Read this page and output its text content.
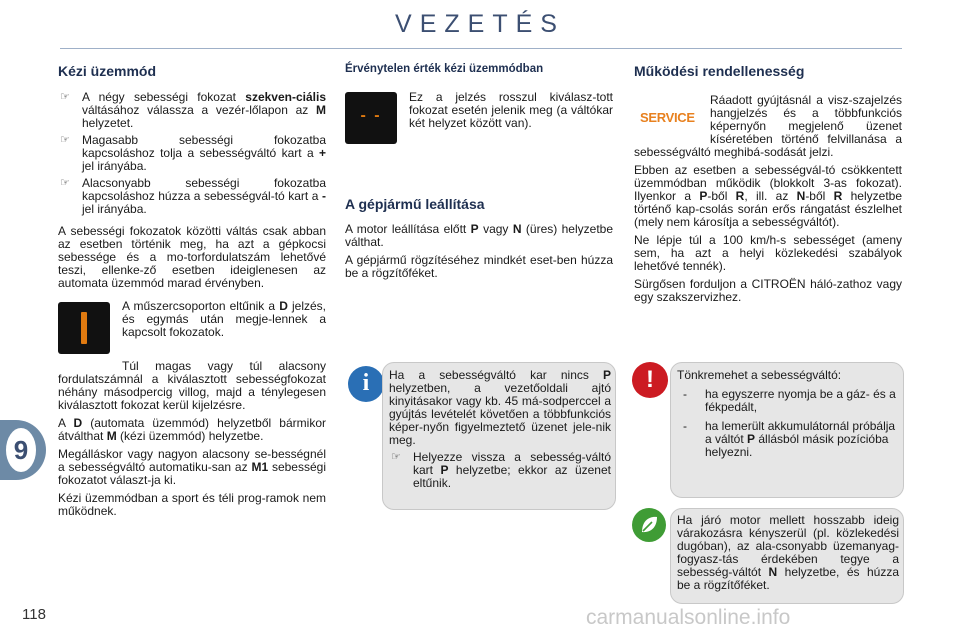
VEZETÉS
9
Kézi üzemmód
☞ A négy sebességi fokozat szekven-ciális váltásához válassza a vezér-lőlapon az M helyzetet.
☞ Magasabb sebességi fokozatba kapcsoláshoz tolja a sebességváltó kart a + jel irányába.
☞ Alacsonyabb sebességi fokozatba kapcsoláshoz húzza a sebességvál-tó kart a - jel irányába.

A sebességi fokozatok közötti váltás csak abban az esetben történik meg, ha azt a gépkocsi sebessége és a mo-torfordulatszám lehetővé teszi, ellenke-ző esetben ideiglenesen az automata üzemmód marad érvényben.

A műszercsoporton eltűnik a D jelzés, és egymás után megje-lennek a kapcsolt fokozatok.

Túl magas vagy túl alacsony fordulatszámnál a kiválasztott sebességfokozat néhány másodpercig villog, majd a ténylegesen kiválasztott fokozat kerül kijelzésre.

A D (automata üzemmód) helyzetből bármikor átválthat M (kézi üzemmód) helyzetbe.

Megálláskor vagy nagyon alacsony se-bességnél a sebességváltó automatiku-san az M1 sebességi fokozatot választ-ja ki.

Kézi üzemmódban a sport és téli prog-ramok nem működnek.

Érvénytelen érték kézi üzemmódban
- -

Ez a jelzés rosszul kiválasz-tott fokozat esetén jelenik meg (a váltókar két helyzet között van).

A gépjármű leállítása

A motor leállítása előtt P vagy N (üres) helyzetbe válthat.

A gépjármű rögzítéséhez mindkét eset-ben húzza be a rögzítőféket.

i	Ha a sebességváltó kar nincs P helyzetben, a vezetőoldali ajtó kinyitásakor vagy kb. 45 má-sodperccel a gyújtás levételét követően a többfunkciós képer-nyőn figyelmeztető üzenet jele-nik meg.

☞ Helyezze vissza a sebesség-váltó kart P helyzetbe; ekkor az üzenet eltűnik.
Működési rendellenesség
SERVICE

Ráadott gyújtásnál a visz-szajelzés hangjelzés és a többfunkciós képernyőn megjelenő üzenet kíséretében történő felvillanása a sebességváltó meghibá-sodását jelzi.

Ebben az esetben a sebességvál-tó csökkentett üzemmódban működik (blokkolt 3-as fokozat). Ilyenkor a P-ből R, ill. az N-ből R helyzetbe történő kap-csolás során erős rángatást észlelhet (mely nem károsítja a sebességváltót).

Ne lépje túl a 100 km/h-s sebességet (ameny sem, ha azt a helyi közlekedési szabályok lehetővé tennék).

Sürgősen forduljon a CITROËN háló-zathoz vagy egy szakszervizhez.

!	Tönkremehet a sebességváltó:

- ha egyszerre nyomja be a gáz- és a fékpedált,
- ha lemerült akkumulátornál próbálja a váltót P állásból másik pozícióba helyezni.

Ha járó motor mellett hosszabb ideig várakozásra kényszerül (pl. közlekedési dugóban), az ala-csonyabb üzemanyag-fogyasz-tás érdekében tegye a sebesség-váltót N helyzetbe, és húzza be a rögzítőféket.

118	carmanualsonline.info
